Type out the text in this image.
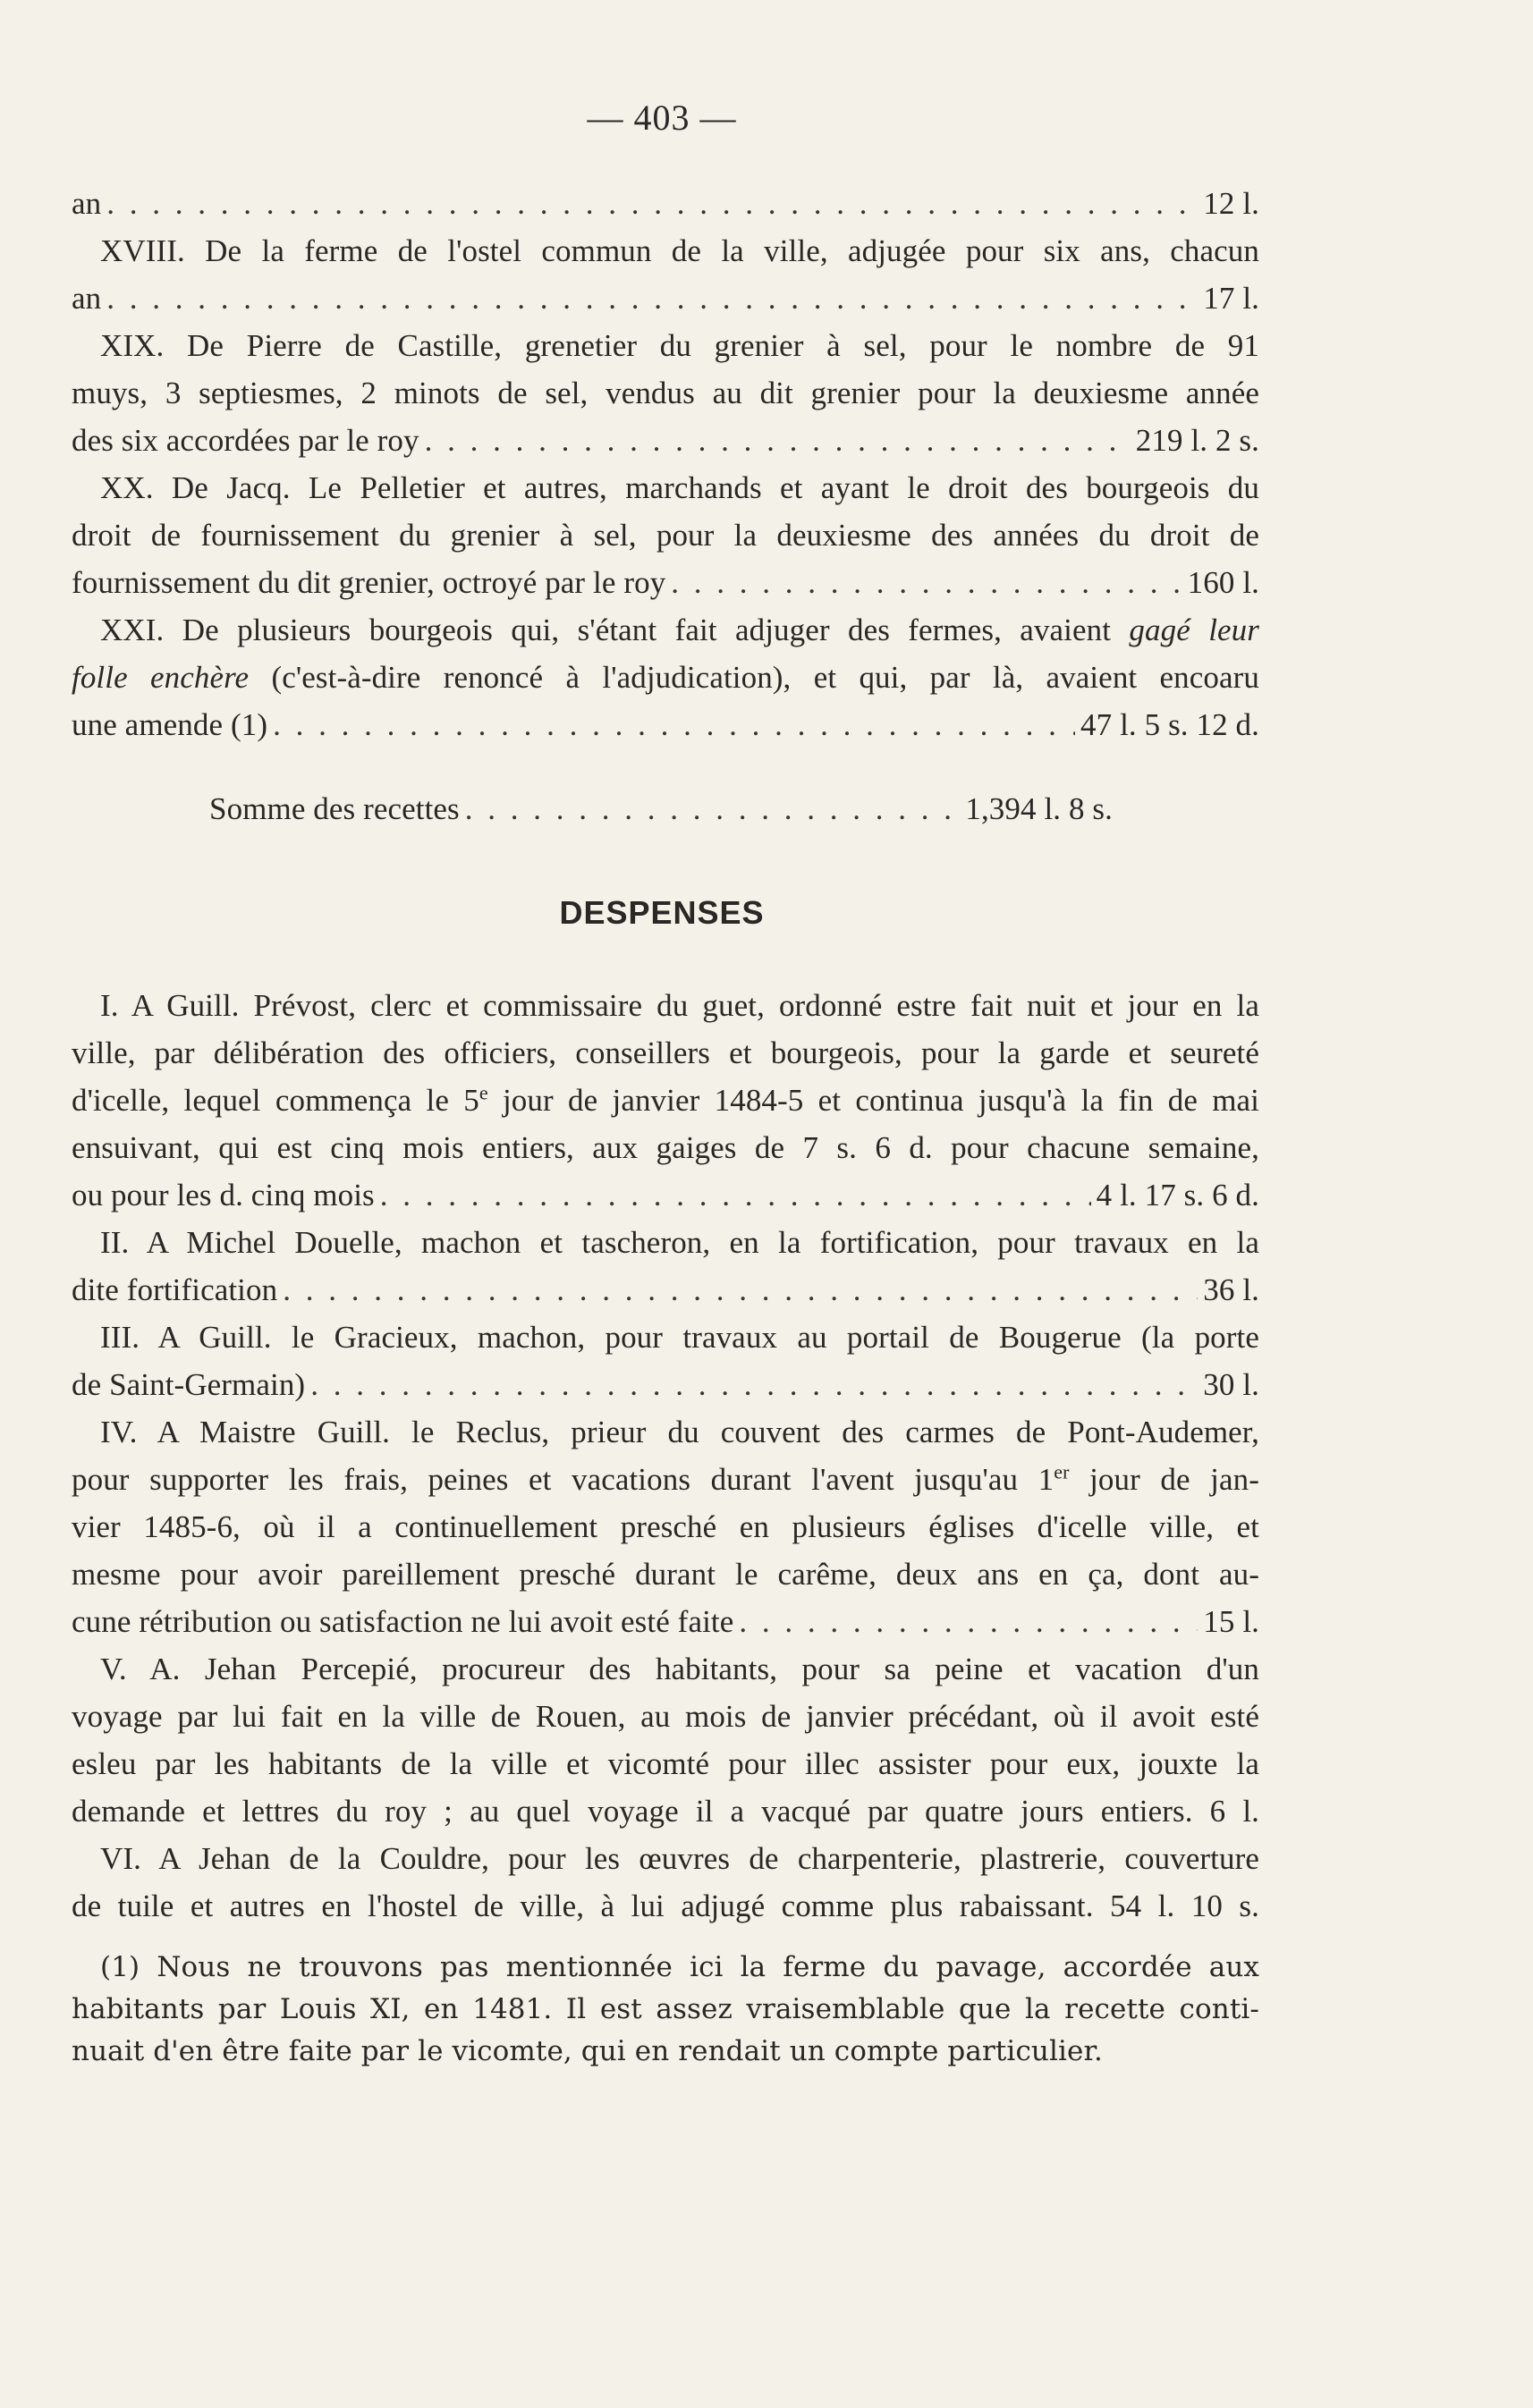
— 403 —
an . . .	12 l.
XVIII. De la ferme de l'ostel commun de la ville, adjugée pour six ans, chacun
an . . .	17 l.
XIX. De Pierre de Castille, grenetier du grenier à sel, pour le nombre de 91
muys, 3 septiesmes, 2 minots de sel, vendus au dit grenier pour la deuxiesme année
des six accordées par le roy . . .	219 l. 2 s.
XX. De Jacq. Le Pelletier et autres, marchands et ayant le droit des bourgeois du
droit de fournissement du grenier à sel, pour la deuxiesme des années du droit de
fournissement du dit grenier, octroyé par le roy . . .	160 l.
XXI. De plusieurs bourgeois qui, s'étant fait adjuger des fermes, avaient gagé leur
folle enchère (c'est-à-dire renoncé à l'adjudication), et qui, par là, avaient encoaru
une amende (1) . . .	47 l. 5 s. 12 d.
Somme des recettes . . .	1,394 l. 8 s.
DESPENSES
I. A Guill. Prévost, clerc et commissaire du guet, ordonné estre fait nuit et jour en la
ville, par délibération des officiers, conseillers et bourgeois, pour la garde et seureté
d'icelle, lequel commença le 5e jour de janvier 1484-5 et continua jusqu'à la fin de mai
ensuivant, qui est cinq mois entiers, aux gaiges de 7 s. 6 d. pour chacune semaine,
ou pour les d. cinq mois . . .	4 l. 17 s. 6 d.
II. A Michel Douelle, machon et tascheron, en la fortification, pour travaux en la
dite fortification . . .	36 l.
III. A Guill. le Gracieux, machon, pour travaux au portail de Bougerue (la porte
de Saint-Germain) . . .	30 l.
IV. A Maistre Guill. le Reclus, prieur du couvent des carmes de Pont-Audemer,
pour supporter les frais, peines et vacations durant l'avent jusqu'au 1er jour de jan-
vier 1485-6, où il a continuellement presché en plusieurs églises d'icelle ville, et
mesme pour avoir pareillement presché durant le carême, deux ans en ça, dont au-
cune rétribution ou satisfaction ne lui avoit esté faite . . .	15 l.
V. A. Jehan Percepié, procureur des habitants, pour sa peine et vacation d'un
voyage par lui fait en la ville de Rouen, au mois de janvier précédant, où il avoit esté
esleu par les habitants de la ville et vicomté pour illec assister pour eux, jouxte la
demande et lettres du roy ; au quel voyage il a vacqué par quatre jours entiers. 6 l.
VI. A Jehan de la Couldre, pour les œuvres de charpenterie, plastrerie, couverture
de tuile et autres en l'hostel de ville, à lui adjugé comme plus rabaissant. 54 l. 10 s.
(1) Nous ne trouvons pas mentionnée ici la ferme du pavage, accordée aux
habitants par Louis XI, en 1481. Il est assez vraisemblable que la recette conti-
nuait d'en être faite par le vicomte, qui en rendait un compte particulier.
